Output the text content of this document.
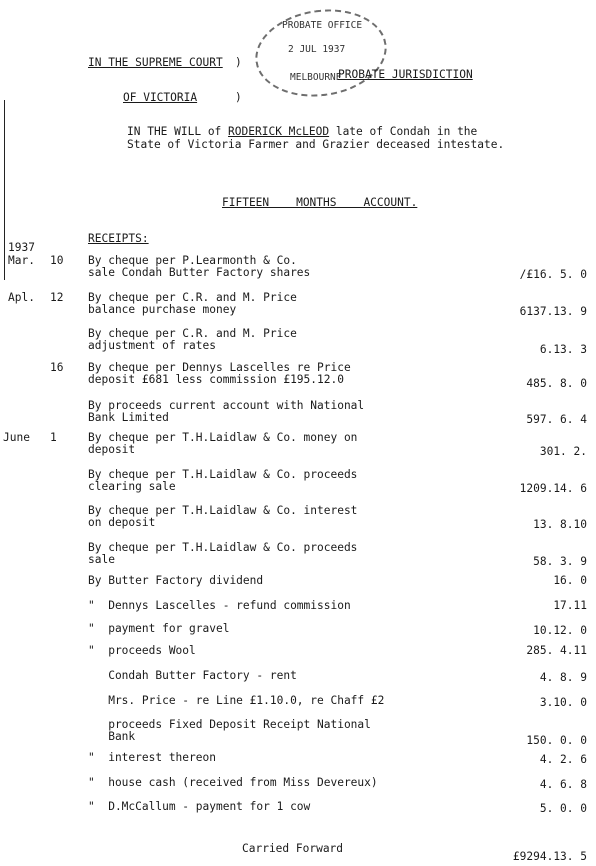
PROBATE OFFICE
2 JUL 1937
MELBOURNE
IN THE SUPREME COURT
OF VICTORIA
)
)
PROBATE JURISDICTION
IN THE WILL of RODERICK McLEOD late of Condah in the
State of Victoria Farmer and Grazier deceased intestate.
FIFTEEN    MONTHS    ACCOUNT.
RECEIPTS:
1937
Mar. 10 By cheque per P.Learmonth & Co.
sale Condah Butter Factory shares	/£16. 5. 0
Apl. 12 By cheque per C.R. and M. Price
balance purchase money	6137.13. 9
By cheque per C.R. and M. Price
adjustment of rates	6.13. 3
16 By cheque per Dennys Lascelles re Price
deposit £681 less commission £195.12.0	485. 8. 0
By proceeds current account with National
Bank Limited	597. 6. 4
June 1	By cheque per T.H.Laidlaw & Co. money on
deposit	301. 2.
By cheque per T.H.Laidlaw & Co. proceeds
clearing sale	1209.14. 6
By cheque per T.H.Laidlaw & Co. interest
on deposit	13. 8.10
By cheque per T.H.Laidlaw & Co. proceeds
sale	58. 3. 9
By Butter Factory dividend	16. 0
"  Dennys Lascelles - refund commission	17.11
"  payment for gravel	10.12. 0
"  proceeds Wool	285. 4.11
Condah Butter Factory - rent	4. 8. 9
Mrs. Price - re Line £1.10.0, re Chaff £2	3.10. 0
proceeds Fixed Deposit Receipt National
Bank	150. 0. 0
"  interest thereon	4. 2. 6
"  house cash (received from Miss Devereux)	4. 6. 8
"  D.McCallum - payment for 1 cow	5. 0. 0
Carried Forward
£9294.13. 5
